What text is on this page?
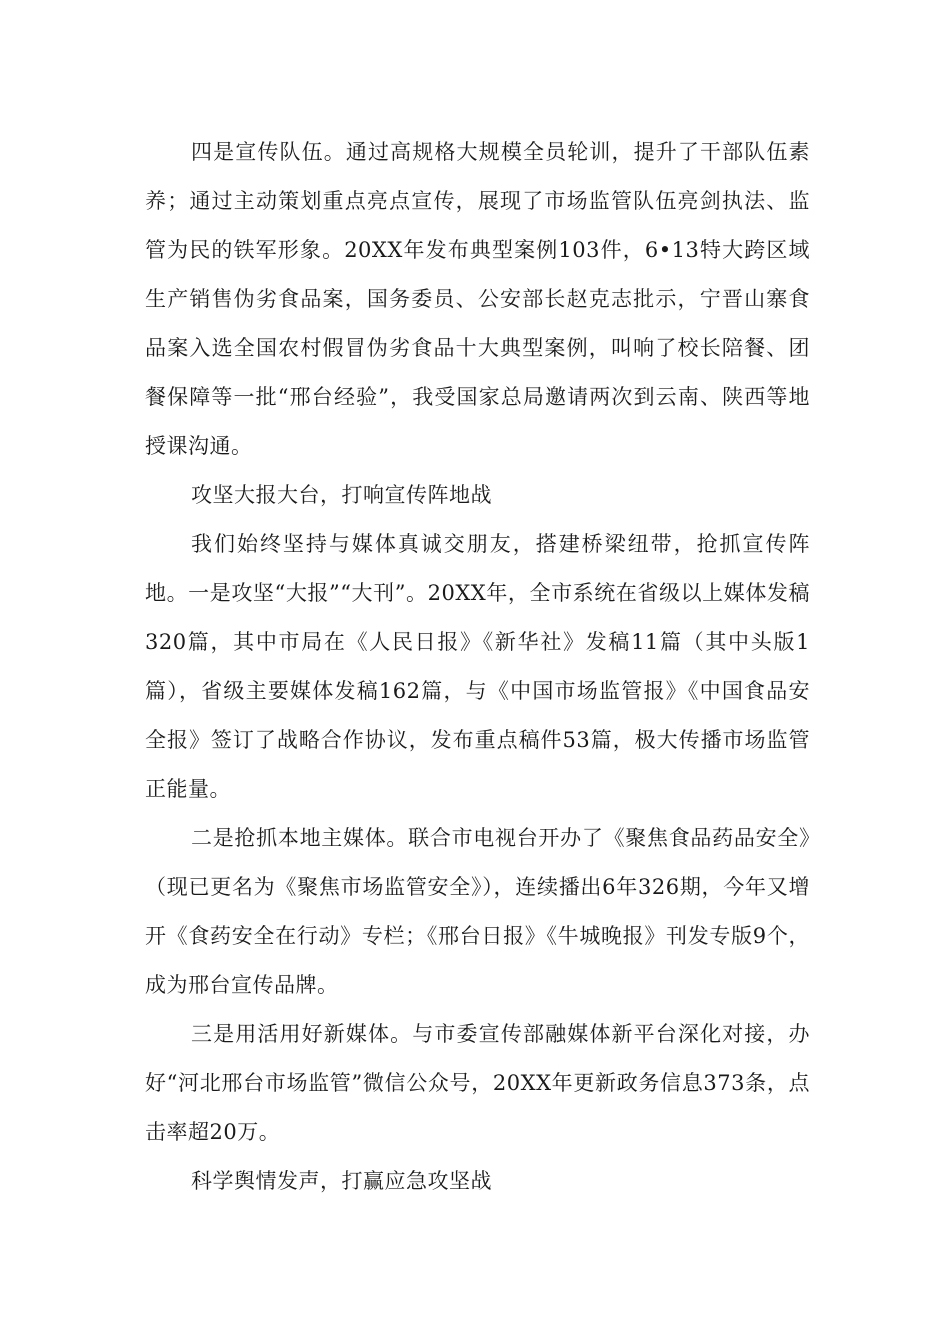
四是宣传队伍。通过高规格大规模全员轮训，提升了干部队伍素养；通过主动策划重点亮点宣传，展现了市场监管队伍亮剑执法、监管为民的铁军形象。20XX年发布典型案例103件，6•13特大跨区域生产销售伪劣食品案，国务委员、公安部长赵克志批示，宁晋山寨食品案入选全国农村假冒伪劣食品十大典型案例，叫响了校长陪餐、团餐保障等一批“邢台经验”，我受国家总局邀请两次到云南、陕西等地授课沟通。

攻坚大报大台，打响宣传阵地战

我们始终坚持与媒体真诚交朋友，搭建桥梁纽带，抢抓宣传阵地。一是攻坚“大报”“大刊”。20XX年，全市系统在省级以上媒体发稿320篇，其中市局在《人民日报》《新华社》发稿11篇（其中头版1篇），省级主要媒体发稿162篇，与《中国市场监管报》《中国食品安全报》签订了战略合作协议，发布重点稿件53篇，极大传播市场监管正能量。

二是抢抓本地主媒体。联合市电视台开办了《聚焦食品药品安全》（现已更名为《聚焦市场监管安全》），连续播出6年326期，今年又增开《食药安全在行动》专栏；《邢台日报》《牛城晚报》刊发专版9个，成为邢台宣传品牌。

三是用活用好新媒体。与市委宣传部融媒体新平台深化对接，办好“河北邢台市场监管”微信公众号，20XX年更新政务信息373条，点击率超20万。

科学舆情发声，打赢应急攻坚战
